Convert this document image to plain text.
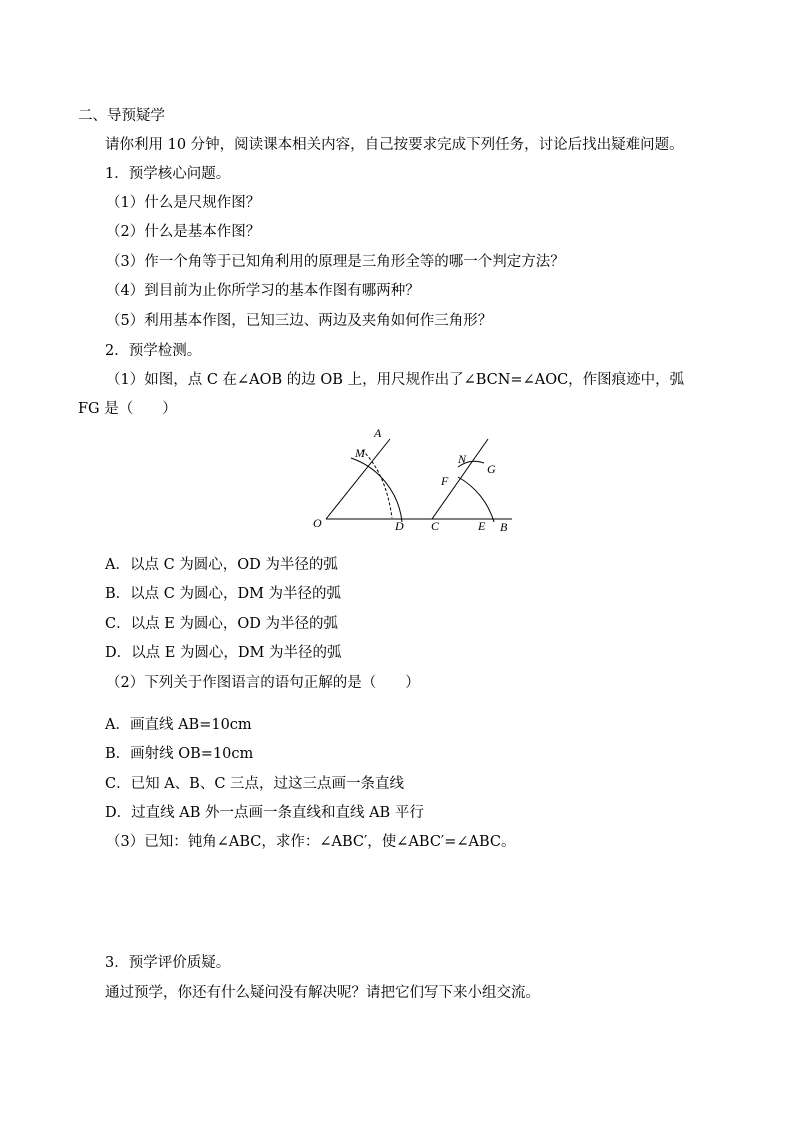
二、导预疑学
请你利用 10 分钟，阅读课本相关内容，自己按要求完成下列任务，讨论后找出疑难问题。
1．预学核心问题。
（1）什么是尺规作图？
（2）什么是基本作图？
（3）作一个角等于已知角利用的原理是三角形全等的哪一个判定方法？
（4）到目前为止你所学习的基本作图有哪两种？
（5）利用基本作图，已知三边、两边及夹角如何作三角形？
2．预学检测。
（1）如图，点 C 在∠AOB 的边 OB 上，用尺规作出了∠BCN=∠AOC，作图痕迹中，弧
FG 是（　　）
O
A
M
D C
N
G
F
E B
A．以点 C 为圆心，OD 为半径的弧
B．以点 C 为圆心，DM 为半径的弧
C．以点 E 为圆心，OD 为半径的弧
D．以点 E 为圆心，DM 为半径的弧
（2）下列关于作图语言的语句正解的是（　　）
A．画直线 AB=10cm
B．画射线 OB=10cm
C．已知 A、B、C 三点，过这三点画一条直线
D．过直线 AB 外一点画一条直线和直线 AB 平行
（3）已知：钝角∠ABC，求作：∠ABC′，使∠ABC′=∠ABC。
3．预学评价质疑。
通过预学，你还有什么疑问没有解决呢？请把它们写下来小组交流。
